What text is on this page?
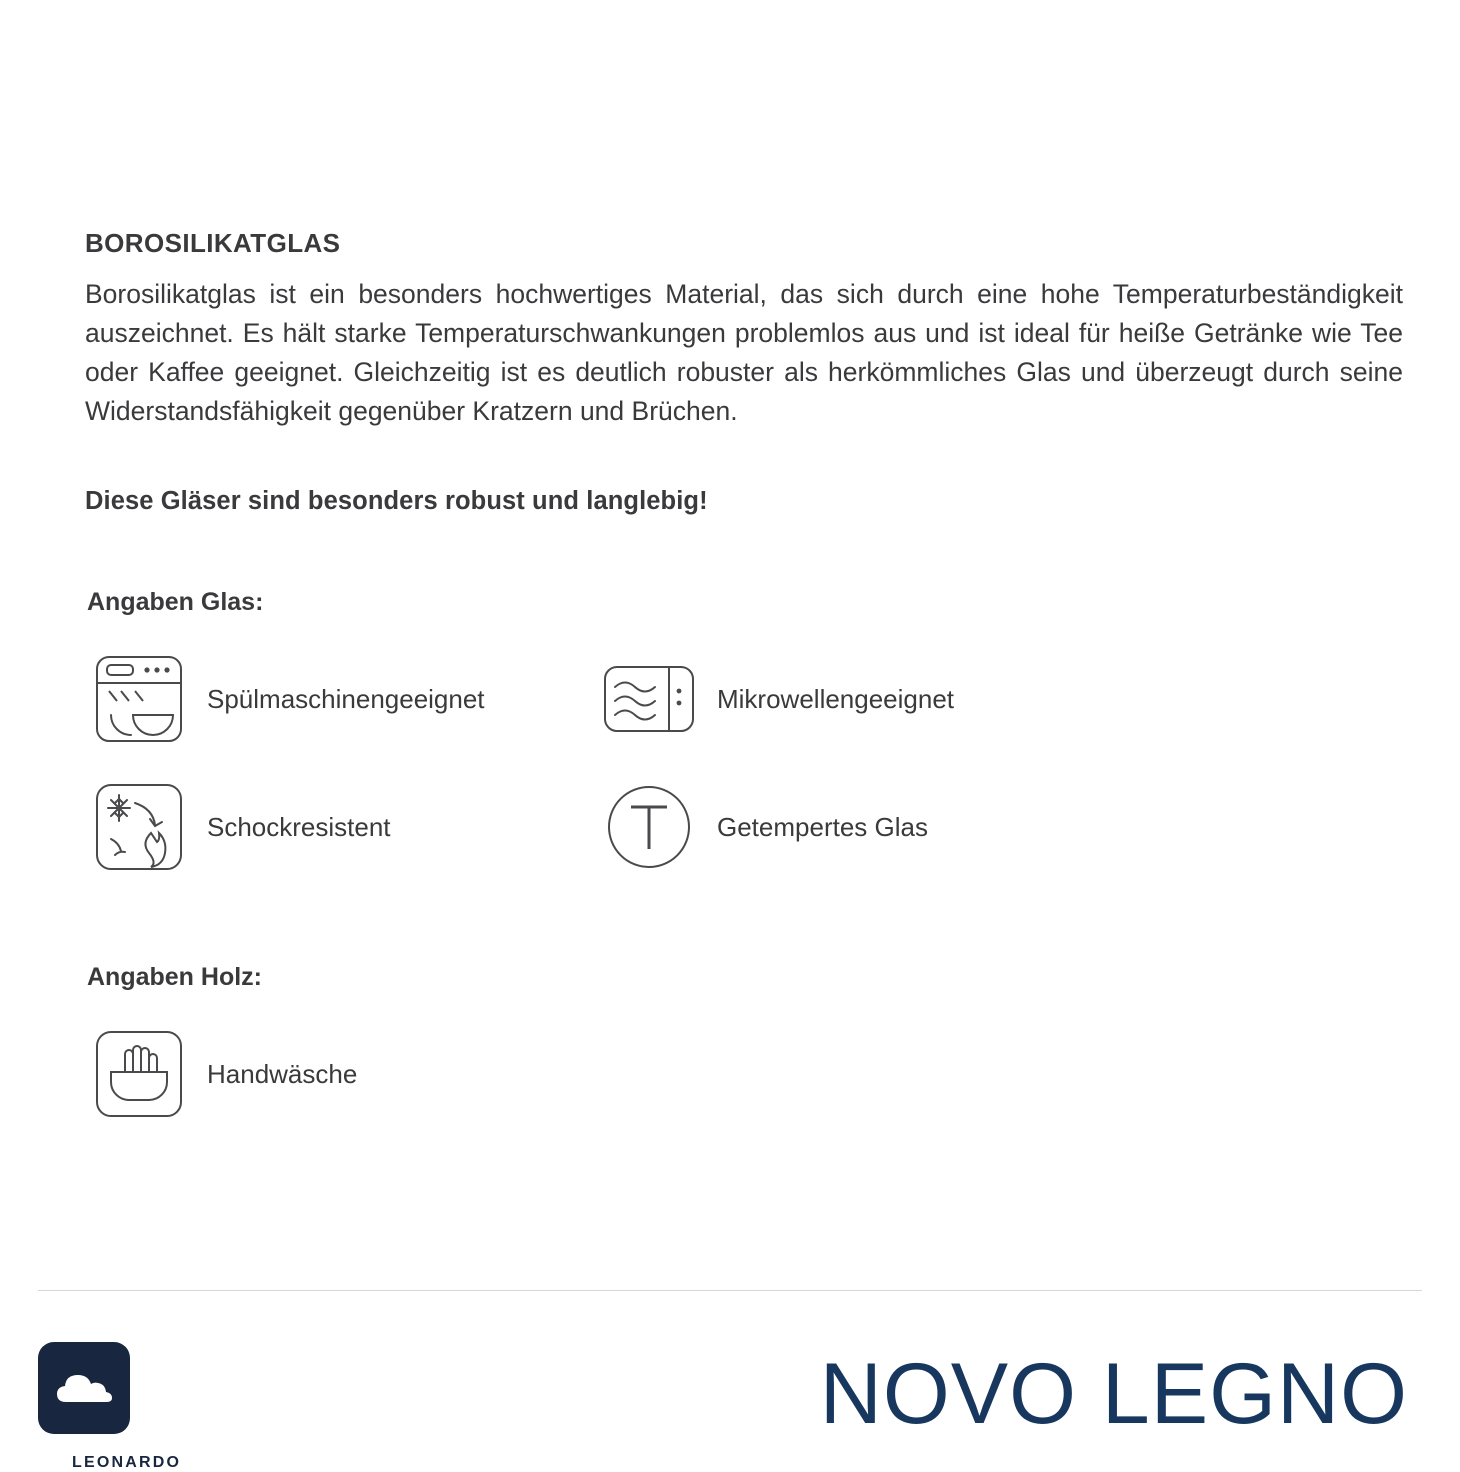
BOROSILIKATGLAS

Borosilikatglas ist ein besonders hochwertiges Material, das sich durch eine hohe Temperaturbeständigkeit auszeichnet. Es hält starke Temperaturschwankungen problemlos aus und ist ideal für heiße Getränke wie Tee oder Kaffee geeignet. Gleichzeitig ist es deutlich robuster als herkömmliches Glas und überzeugt durch seine Widerstandsfähigkeit gegenüber Kratzern und Brüchen.

Diese Gläser sind besonders robust und langlebig!

Angaben Glas:
Spülmaschinengeeignet	Mikrowellengeeignet
Schockresistent	Getempertes Glas
Angaben Holz:
Handwäsche
LEONARDO
NOVO LEGNO
